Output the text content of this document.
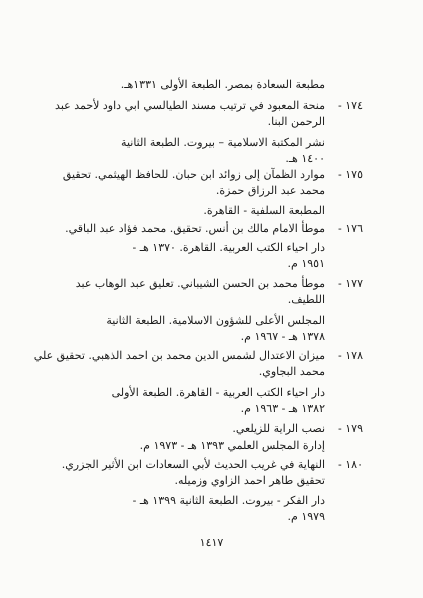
مطبعة السعادة بمصر. الطبعة الأولى ١٣٣١هـ.
١٧٤ -
منحة المعبود في ترتيب مسند الطيالسي ابي داود لأحمد عبد
الرحمن البنا.
نشر المكتبة الاسلامية – بيروت. الطبعة الثانية
١٤٠٠ هـ.
١٧٥ -
موارد الظمآن إلى زوائد ابن حبان. للحافظ الهيثمي. تحقيق
محمد عبد الرزاق حمزة.
المطبعة السلفية - القاهرة.
١٧٦ -
موطأ الامام مالك بن أنس. تحقيق. محمد فؤاد عبد الباقي.
دار احياء الكتب العربية. القاهرة. ١٣٧٠ هـ -
١٩٥١ م.
١٧٧ -
موطأ محمد بن الحسن الشيباني. تعليق عبد الوهاب عبد
اللطيف.
المجلس الأعلى للشؤون الاسلامية. الطبعة الثانية
١٣٧٨ هـ - ١٩٦٧ م.
١٧٨ -
ميزان الاعتدال لشمس الدين محمد بن احمد الذهبي. تحقيق علي
محمد البجاوي.
دار احياء الكتب العربية - القاهرة. الطبعة الأولى
١٣٨٢ هـ - ١٩٦٣ م.
١٧٩ -
نصب الراية للزيلعي.
إدارة المجلس العلمي ١٣٩٣ هـ - ١٩٧٣ م.
١٨٠ -
النهاية في غريب الحديث لأبي السعادات ابن الأثير الجزري.
تحقيق طاهر احمد الزاوي وزميله.
دار الفكر - بيروت. الطبعة الثانية ١٣٩٩ هـ -
١٩٧٩ م.
١٤١٧
